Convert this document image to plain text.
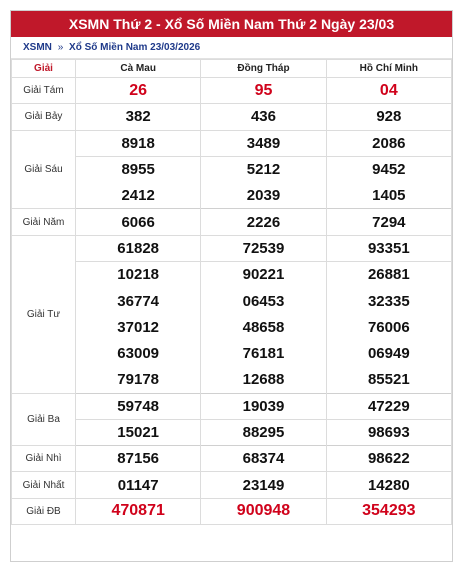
XSMN Thứ 2 - Xổ Số Miền Nam Thứ 2 Ngày 23/03
XSMN » Xổ Số Miền Nam 23/03/2026
Giải	Cà Mau	Đồng Tháp	Hồ Chí Minh
Giải Tám	26	95	04
Giải Bảy	382	436	928
Giải Sáu	8918	3489	2086
	8955	5212	9452
	2412	2039	1405
Giải Năm	6066	2226	7294
Giải Tư	61828	72539	93351
	10218	90221	26881
	36774	06453	32335
	37012	48658	76006
	63009	76181	06949
	79178	12688	85521
Giải Ba	59748	19039	47229
	15021	88295	98693
Giải Nhì	87156	68374	98622
Giải Nhất	01147	23149	14280
Giải ĐB	470871	900948	354293
